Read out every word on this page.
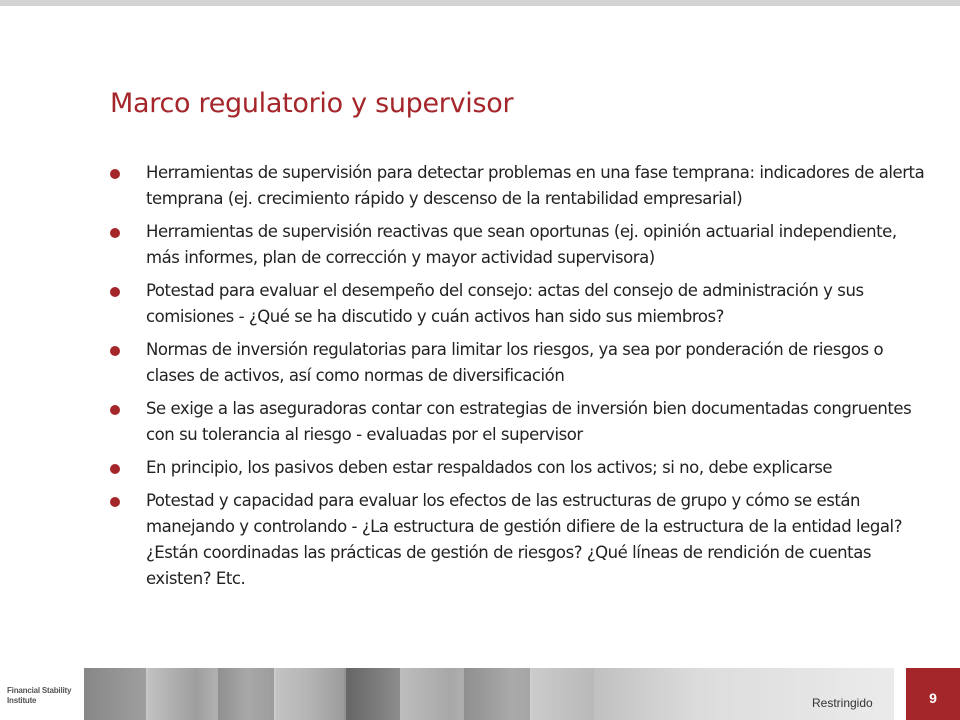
Marco regulatorio y supervisor
Herramientas de supervisión para detectar problemas en una fase temprana: indicadores de alerta temprana (ej. crecimiento rápido y descenso de la rentabilidad empresarial)
Herramientas de supervisión reactivas que sean oportunas (ej. opinión actuarial independiente, más informes, plan de corrección y mayor actividad supervisora)
Potestad para evaluar el desempeño del consejo: actas del consejo de administración y sus comisiones - ¿Qué se ha discutido y cuán activos han sido sus miembros?
Normas de inversión regulatorias para limitar los riesgos, ya sea por ponderación de riesgos o clases de activos, así como normas de diversificación
Se exige a las aseguradoras contar con estrategias de inversión bien documentadas congruentes con su tolerancia al riesgo - evaluadas por el supervisor
En principio, los pasivos deben estar respaldados con los activos; si no, debe explicarse
Potestad y capacidad para evaluar los efectos de las estructuras de grupo y cómo se están manejando y controlando - ¿La estructura de gestión difiere de la estructura de la entidad legal? ¿Están coordinadas las prácticas de gestión de riesgos? ¿Qué líneas de rendición de cuentas existen? Etc.
Financial Stability
Institute	Restringido	9
